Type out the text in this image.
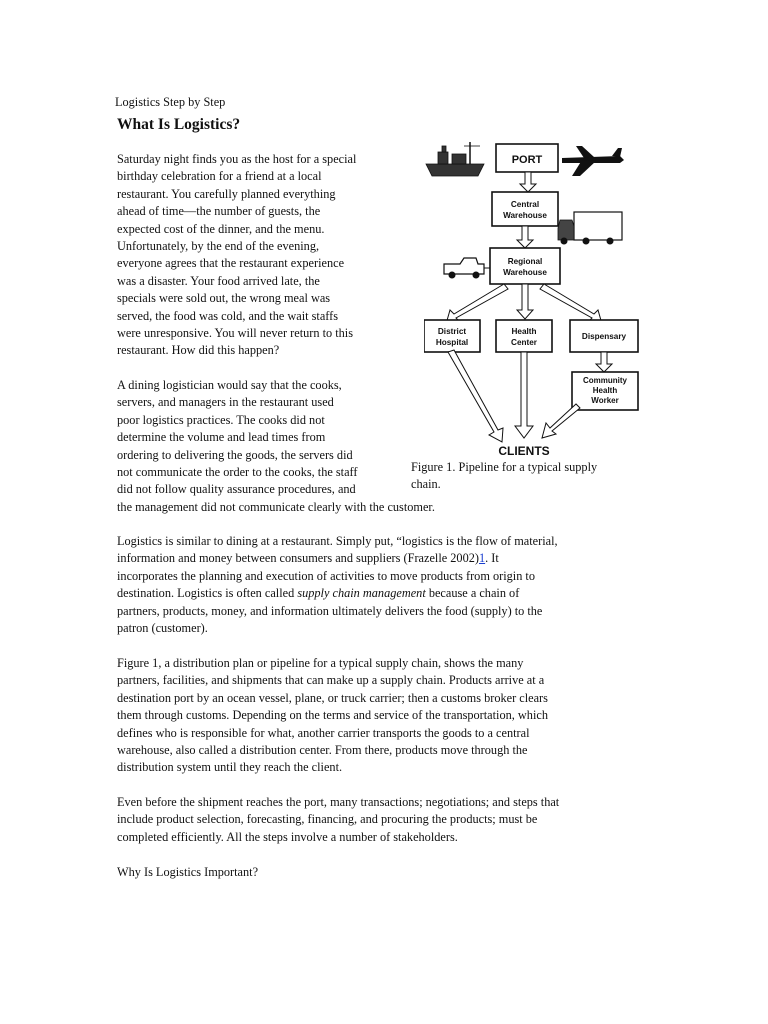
Logistics Step by Step
What Is Logistics?
Saturday night finds you as the host for a special
birthday celebration for a friend at a local
restaurant. You carefully planned everything
ahead of time—the number of guests, the
expected cost of the dinner, and the menu.
Unfortunately, by the end of the evening,
everyone agrees that the restaurant experience
was a disaster. Your food arrived late, the
specials were sold out, the wrong meal was
served, the food was cold, and the wait staffs
were unresponsive. You will never return to this
restaurant. How did this happen?
A dining logistician would say that the cooks,
servers, and managers in the restaurant used
poor logistics practices. The cooks did not
determine the volume and lead times from
ordering to delivering the goods, the servers did
not communicate the order to the cooks, the staff
did not follow quality assurance procedures, and
the management did not communicate clearly with the customer.
Logistics is similar to dining at a restaurant. Simply put, “logistics is the flow of material,
information and money between consumers and suppliers (Frazelle 2002)1. It
incorporates the planning and execution of activities to move products from origin to
destination. Logistics is often called supply chain management because a chain of
partners, products, money, and information ultimately delivers the food (supply) to the
patron (customer).
Figure 1, a distribution plan or pipeline for a typical supply chain, shows the many
partners, facilities, and shipments that can make up a supply chain. Products arrive at a
destination port by an ocean vessel, plane, or truck carrier; then a customs broker clears
them through customs. Depending on the terms and service of the transportation, which
defines who is responsible for what, another carrier transports the goods to a central
warehouse, also called a distribution center. From there, products move through the
distribution system until they reach the client.
Even before the shipment reaches the port, many transactions; negotiations; and steps that
include product selection, forecasting, financing, and procuring the products; must be
completed efficiently. All the steps involve a number of stakeholders.
Why Is Logistics Important?
PORT
Central
Warehouse
Regional
Warehouse
District
Hospital
Health
Center
Dispensary
Community
Health
Worker
CLIENTS
Figure 1. Pipeline for a typical supply
chain.
